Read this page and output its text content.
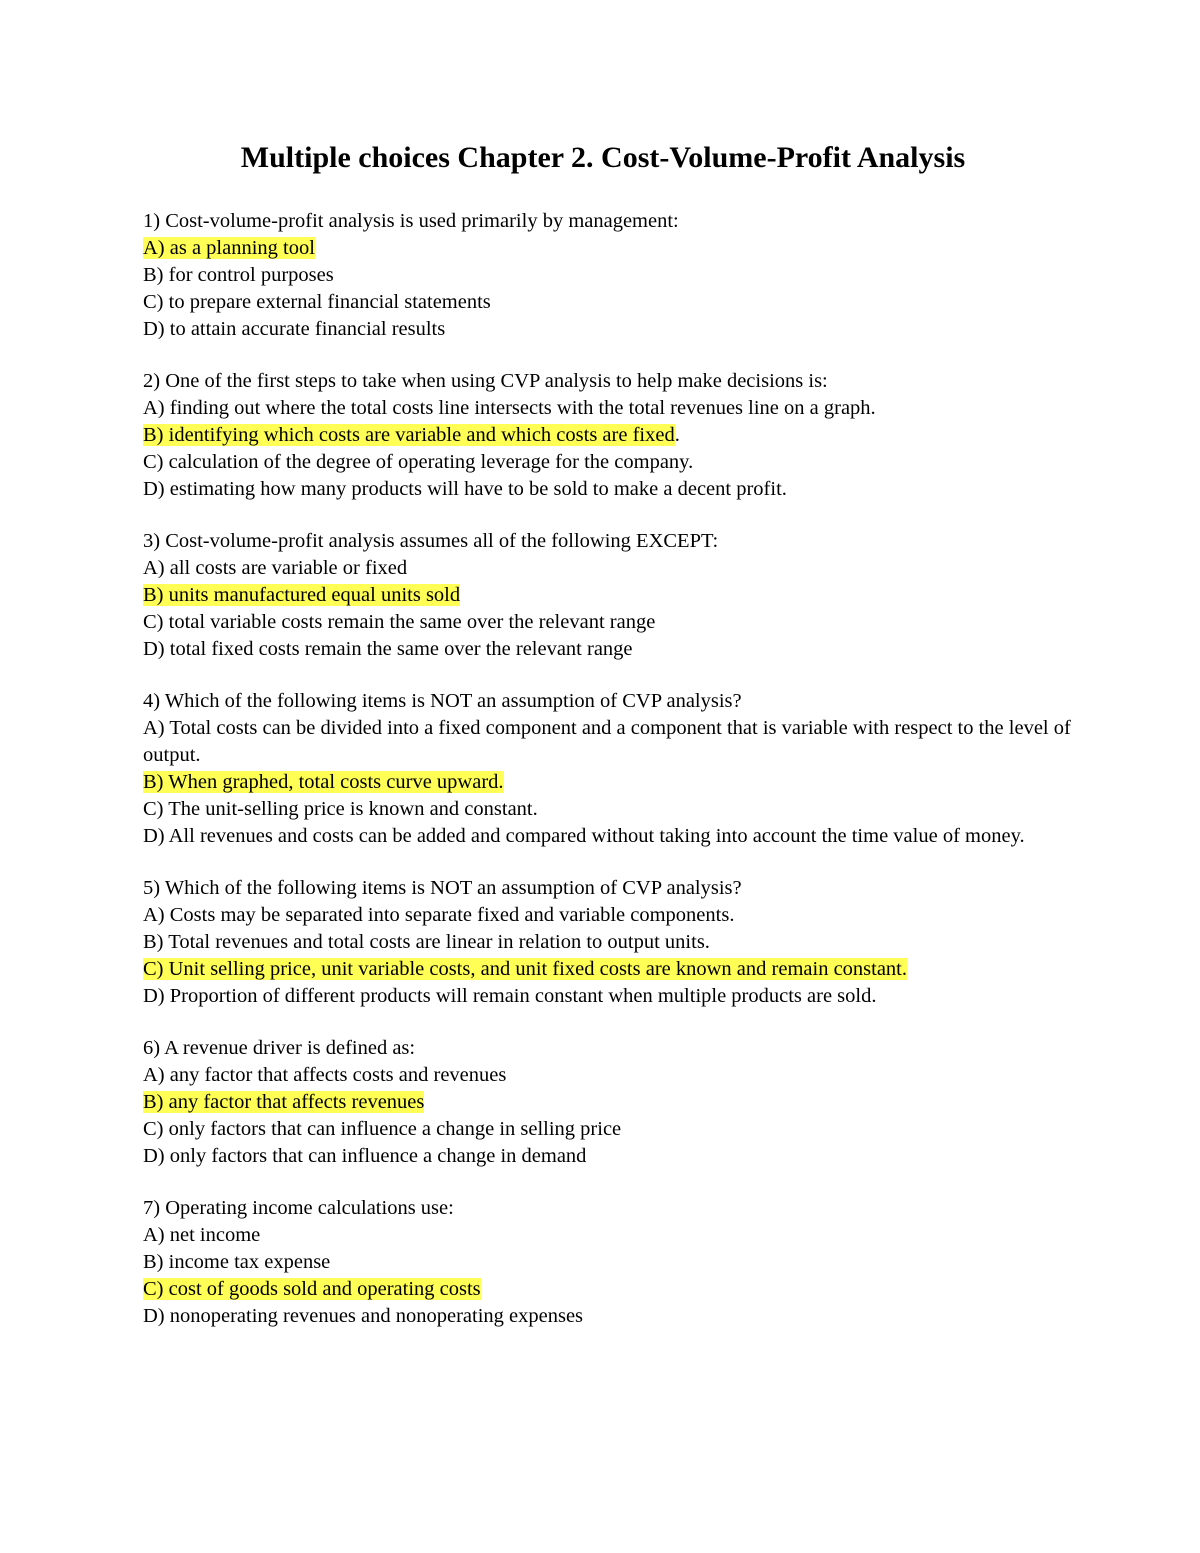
Multiple choices Chapter 2. Cost-Volume-Profit Analysis

1) Cost-volume-profit analysis is used primarily by management:

A) as a planning tool

B) for control purposes

C) to prepare external financial statements

D) to attain accurate financial results

2) One of the first steps to take when using CVP analysis to help make decisions is:

A) finding out where the total costs line intersects with the total revenues line on a graph.

B) identifying which costs are variable and which costs are fixed.

C) calculation of the degree of operating leverage for the company.

D) estimating how many products will have to be sold to make a decent profit.

3) Cost-volume-profit analysis assumes all of the following EXCEPT:

A) all costs are variable or fixed

B) units manufactured equal units sold

C) total variable costs remain the same over the relevant range

D) total fixed costs remain the same over the relevant range

4) Which of the following items is NOT an assumption of CVP analysis?

A) Total costs can be divided into a fixed component and a component that is variable with respect to the level of output.

B) When graphed, total costs curve upward.

C) The unit-selling price is known and constant.

D) All revenues and costs can be added and compared without taking into account the time value of money.

5) Which of the following items is NOT an assumption of CVP analysis?

A) Costs may be separated into separate fixed and variable components.

B) Total revenues and total costs are linear in relation to output units.

C) Unit selling price, unit variable costs, and unit fixed costs are known and remain constant.

D) Proportion of different products will remain constant when multiple products are sold.

6) A revenue driver is defined as:

A) any factor that affects costs and revenues

B) any factor that affects revenues

C) only factors that can influence a change in selling price

D) only factors that can influence a change in demand

7) Operating income calculations use:

A) net income

B) income tax expense

C) cost of goods sold and operating costs

D) nonoperating revenues and nonoperating expenses
